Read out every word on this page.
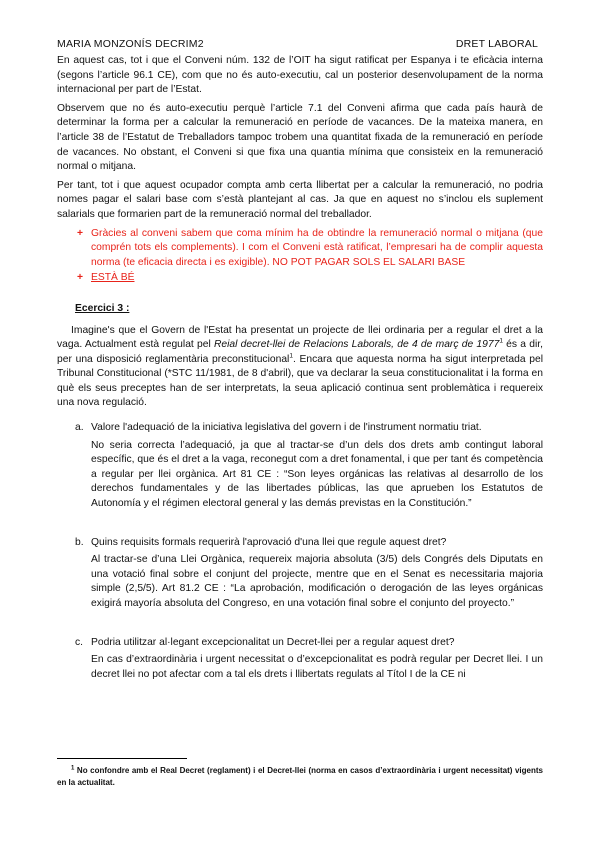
MARIA MONZONÍS DECRIM2	DRET LABORAL

En aquest cas, tot i que el Conveni núm. 132 de l’OIT ha sigut ratificat per Espanya i te eficàcia interna (segons l’article 96.1 CE), com que no és auto-executiu, cal un posterior desenvolupament de la norma internacional per part de l’Estat.

Observem que no és auto-executiu perquè l’article 7.1 del Conveni afirma que cada país haurà de determinar la forma per a calcular la remuneració en període de vacances. De la mateixa manera, en l’article 38 de l’Estatut de Treballadors tampoc trobem una quantitat fixada de la remuneració en període de vacances. No obstant, el Conveni si que fixa una quantia mínima que consisteix en la remuneració normal o mitjana.

Per tant, tot i que aquest ocupador compta amb certa llibertat per a calcular la remuneració, no podria nomes pagar el salari base com s’està plantejant al cas. Ja que en aquest no s’inclou els suplement salarials que formarien part de la remuneració normal del treballador.

+ Gràcies al conveni sabem que coma mínim ha de obtindre la remuneració normal o mitjana (que comprén tots els complements). I com el Conveni està ratificat, l’empresari ha de complir aquesta norma (te eficacia directa i es exigible). NO POT PAGAR SOLS EL SALARI BASE
+ ESTÀ BÉ
Ecercici 3 :

Imagine's que el Govern de l'Estat ha presentat un projecte de llei ordinaria per a regular el dret a la vaga. Actualment està regulat pel Reial decret-llei de Relacions Laborals, de 4 de març de 1977$^1$ és a dir, per una disposició reglamentària preconstitucional$^1$. Encara que aquesta norma ha sigut interpretada pel Tribunal Constitucional (*STC 11/1981, de 8 d'abril), que va declarar la seua constitucionalitat i la forma en què els seus preceptes han de ser interpretats, la seua aplicació continua sent problemàtica i requereix una nova regulació.

a. Valore l'adequació de la iniciativa legislativa del govern i de l'instrument normatiu triat.

No seria correcta l’adequació, ja que al tractar-se d’un dels dos drets amb contingut laboral específic, que és el dret a la vaga, reconegut com a dret fonamental, i que per tant és competència a regular per llei orgànica. Art 81 CE : “Son leyes orgánicas las relativas al desarrollo de los derechos fundamentales y de las libertades públicas, las que aprueben los Estatutos de Autonomía y el régimen electoral general y las demás previstas en la Constitución.”

b. Quins requisits formals requerirà l'aprovació d'una llei que regule aquest dret?

Al tractar-se d’una Llei Orgànica, requereix majoria absoluta (3/5) dels Congrés dels Diputats en una votació final sobre el conjunt del projecte, mentre que en el Senat es necessitaria majoria simple (2,5/5). Art 81.2 CE : “La aprobación, modificación o derogación de las leyes orgánicas exigirá mayoría absoluta del Congreso, en una votación final sobre el conjunto del proyecto.”

c. Podria utilitzar al·legant excepcionalitat un Decret-llei per a regular aquest dret?

En cas d’extraordinària i urgent necessitat o d’excepcionalitat es podrà regular per Decret llei. I un decret llei no pot afectar com a tal els drets i llibertats regulats al Títol I de la CE ni

$^1$ No confondre amb el Real Decret (reglament) i el Decret-llei (norma en casos d’extraordinària i urgent necessitat) vigents en la actualitat.
